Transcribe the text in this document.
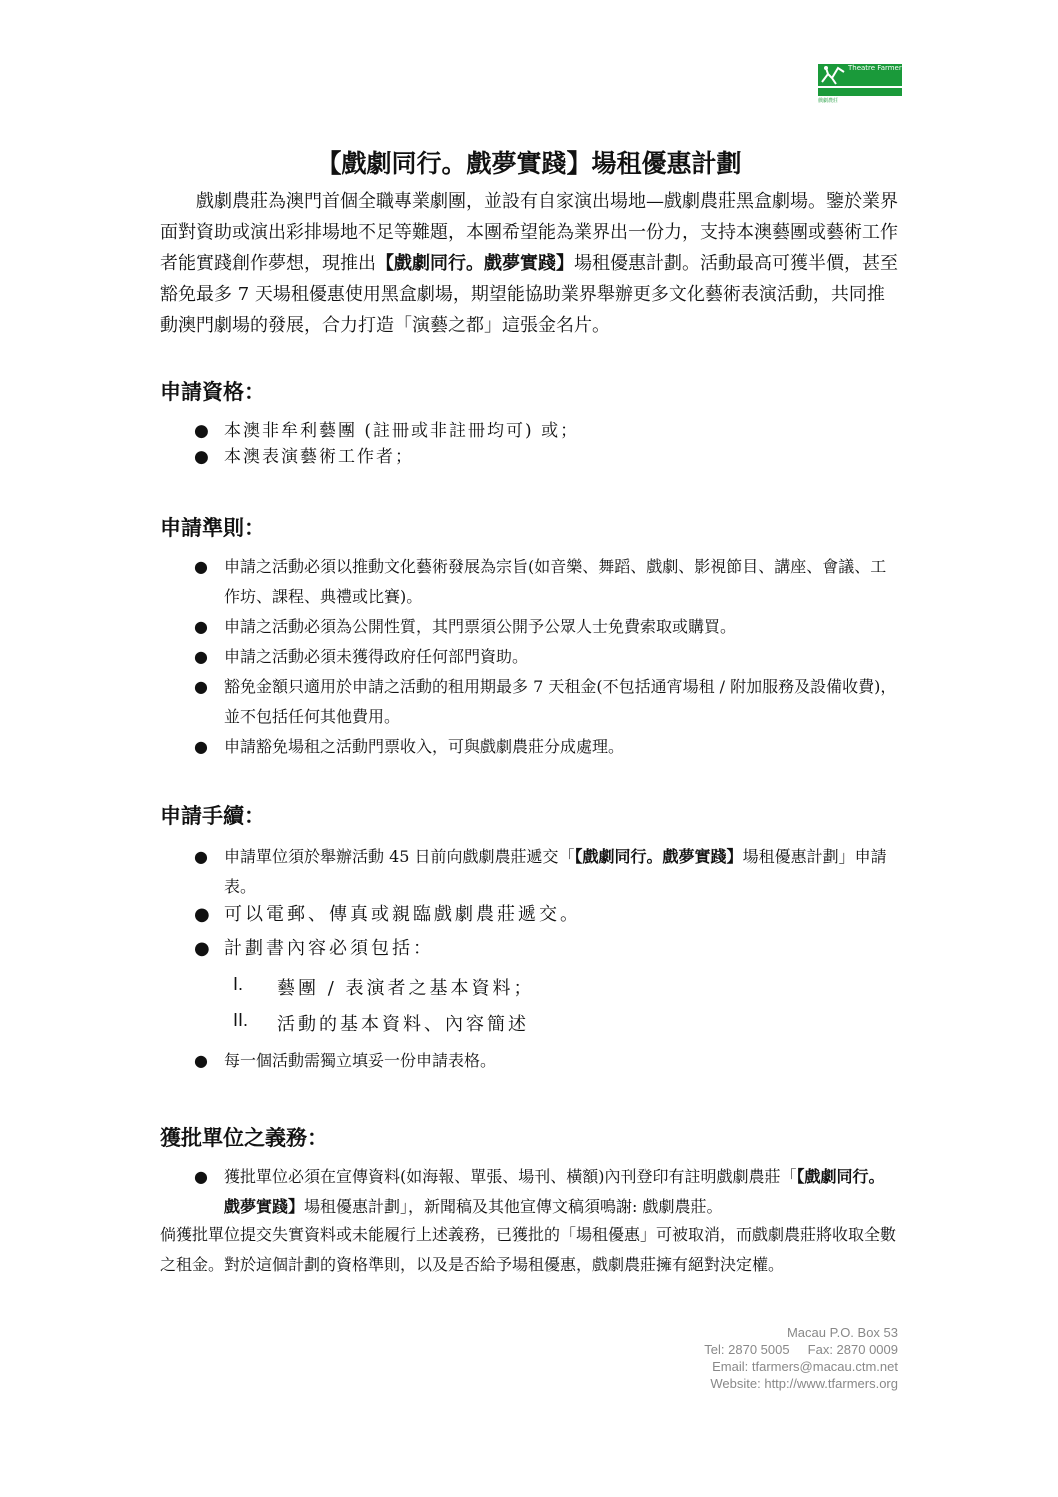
Theatre Farmers
戲劇農莊
【戲劇同行。戲夢實踐】場租優惠計劃

戲劇農莊為澳門首個全職專業劇團，並設有自家演出場地—戲劇農莊黑盒劇場。鑒於業界面對資助或演出彩排場地不足等難題，本團希望能為業界出一份力，支持本澳藝團或藝術工作者能實踐創作夢想，現推出【戲劇同行。戲夢實踐】場租優惠計劃。活動最高可獲半價，甚至豁免最多 7 天場租優惠使用黑盒劇場，期望能協助業界舉辦更多文化藝術表演活動，共同推動澳門劇場的發展，合力打造「演藝之都」這張金名片。

申請資格：
● 本澳非牟利藝團 (註冊或非註冊均可) 或；
● 本澳表演藝術工作者；
申請準則：
● 申請之活動必須以推動文化藝術發展為宗旨(如音樂、舞蹈、戲劇、影視節目、講座、會議、工作坊、課程、典禮或比賽)。
● 申請之活動必須為公開性質，其門票須公開予公眾人士免費索取或購買。
● 申請之活動必須未獲得政府任何部門資助。
● 豁免金額只適用於申請之活動的租用期最多 7 天租金(不包括通宵場租 / 附加服務及設備收費)，並不包括任何其他費用。
● 申請豁免場租之活動門票收入，可與戲劇農莊分成處理。
申請手續：
● 申請單位須於舉辦活動 45 日前向戲劇農莊遞交「【戲劇同行。戲夢實踐】場租優惠計劃」申請表。
● 可以電郵、傳真或親臨戲劇農莊遞交。
● 計劃書內容必須包括：
I. 藝團 / 表演者之基本資料；
II. 活動的基本資料、內容簡述
● 每一個活動需獨立填妥一份申請表格。
獲批單位之義務：
● 獲批單位必須在宣傳資料(如海報、單張、場刊、橫額)內刊登印有註明戲劇農莊「【戲劇同行。戲夢實踐】場租優惠計劃」，新聞稿及其他宣傳文稿須鳴謝: 戲劇農莊。

倘獲批單位提交失實資料或未能履行上述義務，已獲批的「場租優惠」可被取消，而戲劇農莊將收取全數之租金。對於這個計劃的資格準則，以及是否給予場租優惠，戲劇農莊擁有絕對決定權。

Macau P.O. Box 53
Tel: 2870 5005     Fax: 2870 0009
Email: tfarmers@macau.ctm.net
Website: http://www.tfarmers.org
